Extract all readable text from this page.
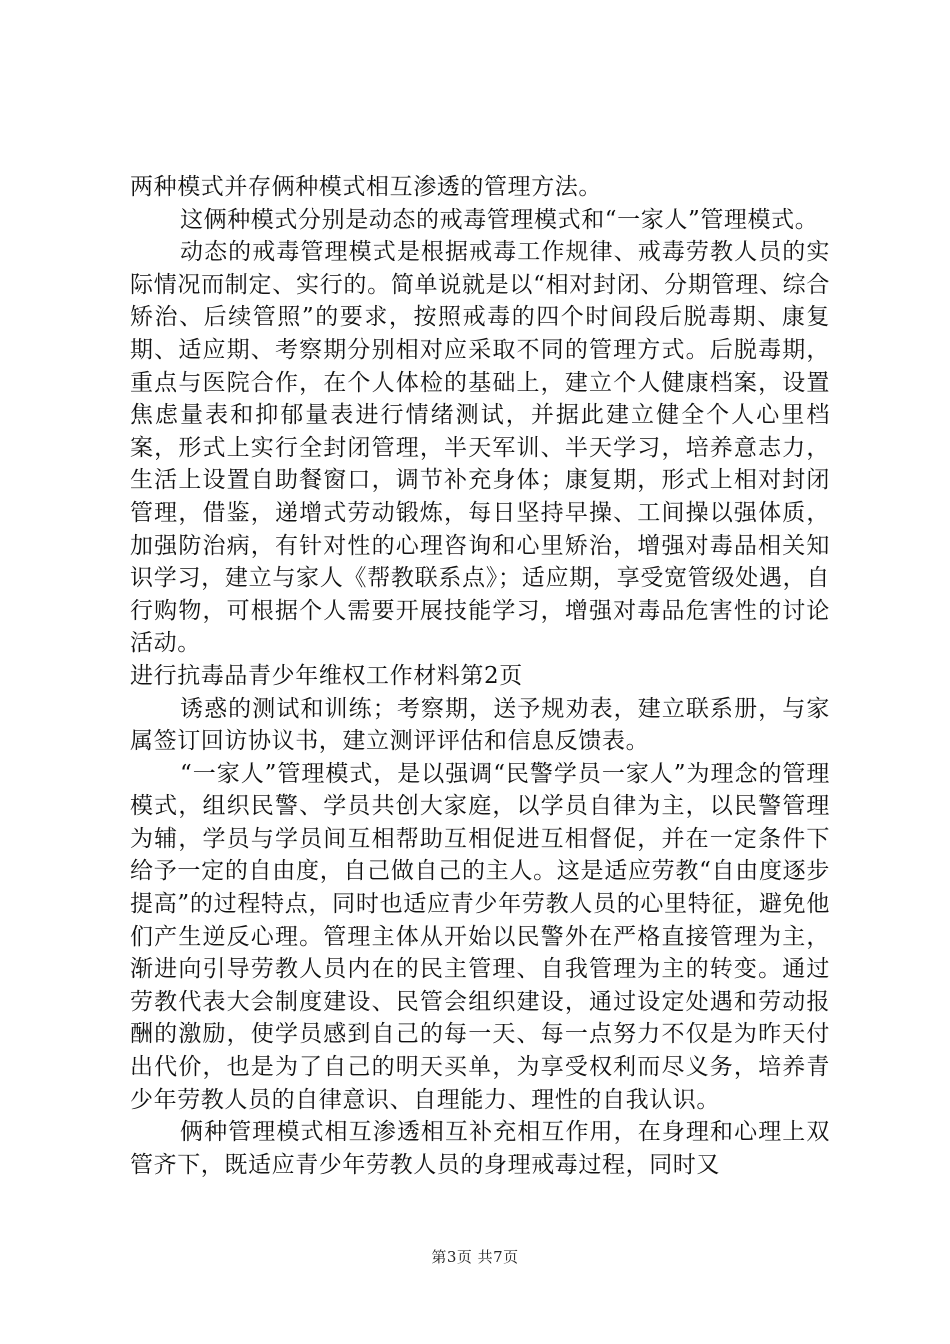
两种模式并存俩种模式相互渗透的管理方法。

这俩种模式分别是动态的戒毒管理模式和“一家人”管理模式。

动态的戒毒管理模式是根据戒毒工作规律、戒毒劳教人员的实际情况而制定、实行的。简单说就是以“相对封闭、分期管理、综合矫治、后续管照”的要求，按照戒毒的四个时间段后脱毒期、康复期、适应期、考察期分别相对应采取不同的管理方式。后脱毒期，重点与医院合作，在个人体检的基础上，建立个人健康档案，设置焦虑量表和抑郁量表进行情绪测试，并据此建立健全个人心里档案，形式上实行全封闭管理，半天军训、半天学习，培养意志力，生活上设置自助餐窗口，调节补充身体；康复期，形式上相对封闭管理，借鉴，递增式劳动锻炼，每日坚持早操、工间操以强体质，加强防治病，有针对性的心理咨询和心里矫治，增强对毒品相关知识学习，建立与家人《帮教联系点》；适应期，享受宽管级处遇，自行购物，可根据个人需要开展技能学习，增强对毒品危害性的讨论活动。

进行抗毒品青少年维权工作材料第2页

诱惑的测试和训练；考察期，送予规劝表，建立联系册，与家属签订回访协议书，建立测评评估和信息反馈表。

“一家人”管理模式，是以强调“民警学员一家人”为理念的管理模式，组织民警、学员共创大家庭，以学员自律为主，以民警管理为辅，学员与学员间互相帮助互相促进互相督促，并在一定条件下给予一定的自由度，自己做自己的主人。这是适应劳教“自由度逐步提高”的过程特点，同时也适应青少年劳教人员的心里特征，避免他们产生逆反心理。管理主体从开始以民警外在严格直接管理为主，渐进向引导劳教人员内在的民主管理、自我管理为主的转变。通过劳教代表大会制度建设、民管会组织建设，通过设定处遇和劳动报酬的激励，使学员感到自己的每一天、每一点努力不仅是为昨天付出代价，也是为了自己的明天买单，为享受权利而尽义务，培养青少年劳教人员的自律意识、自理能力、理性的自我认识。

俩种管理模式相互渗透相互补充相互作用，在身理和心理上双管齐下，既适应青少年劳教人员的身理戒毒过程，同时又

第3页 共7页
